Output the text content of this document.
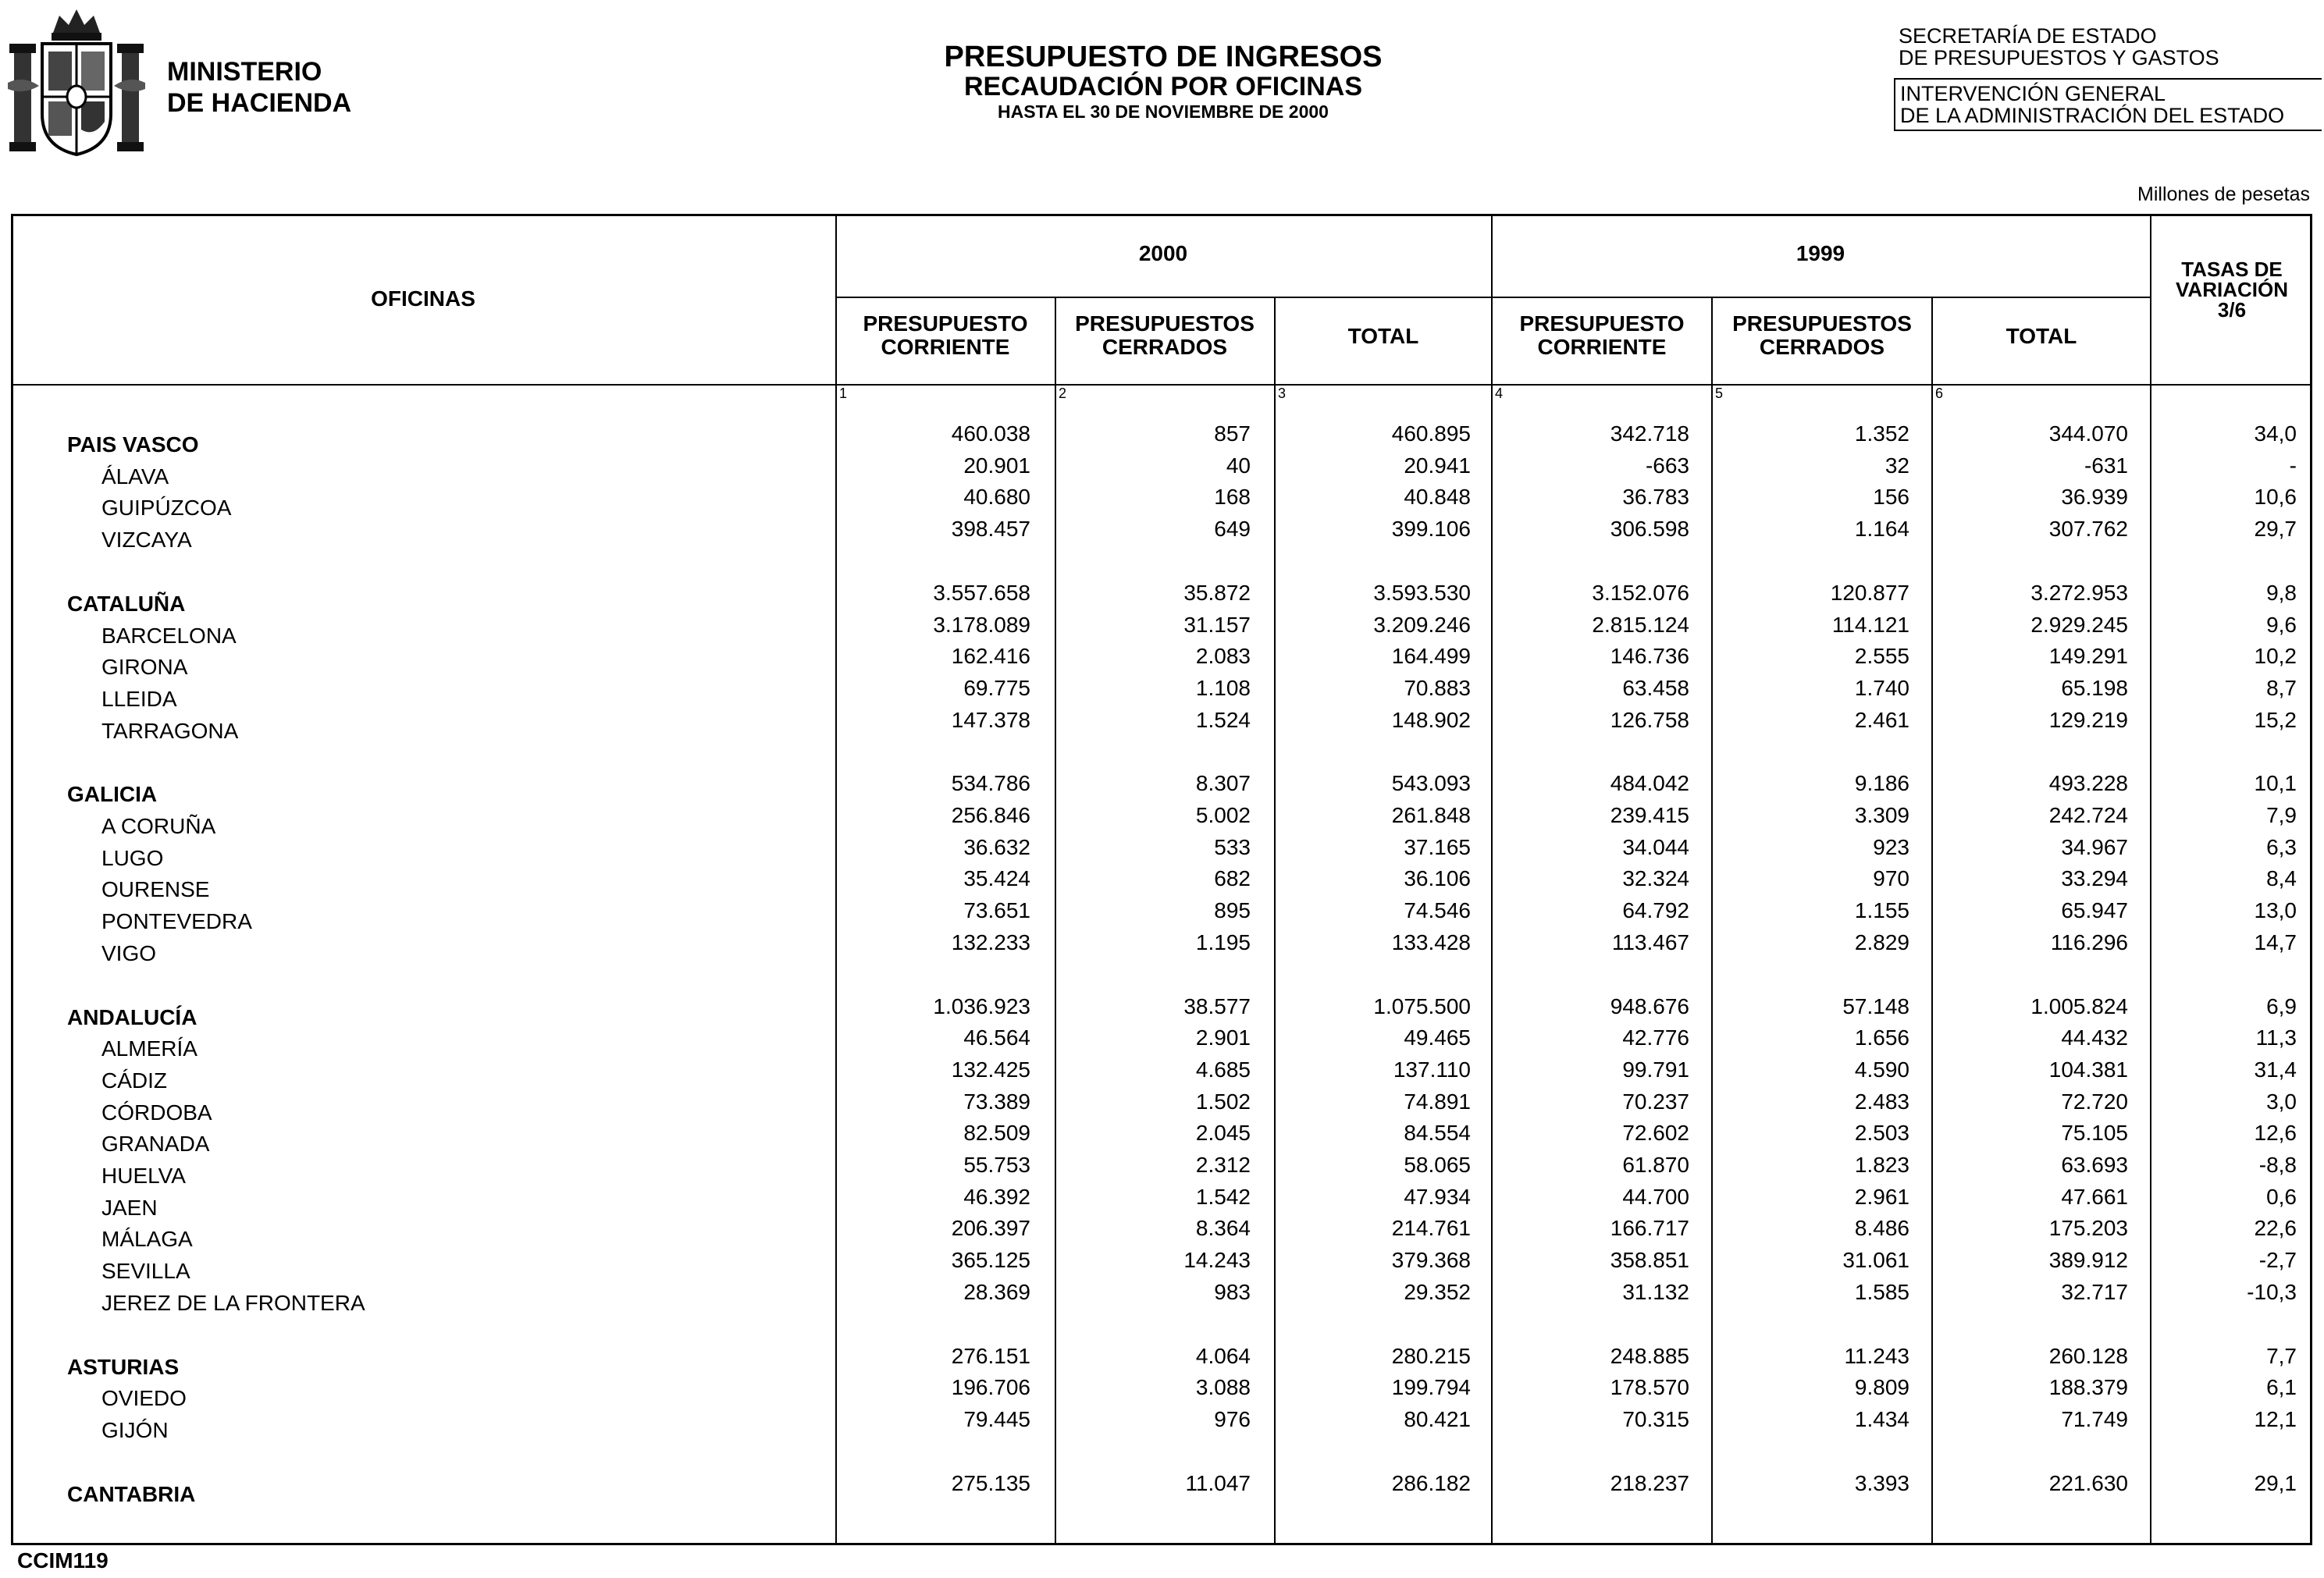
MINISTERIO
DE HACIENDA
PRESUPUESTO DE INGRESOS
RECAUDACIÓN POR OFICINAS
HASTA EL 30 DE NOVIEMBRE DE 2000
SECRETARÍA DE ESTADO
DE PRESUPUESTOS Y GASTOS
INTERVENCIÓN GENERAL
DE LA ADMINISTRACIÓN DEL ESTADO
Millones de pesetas
OFICINAS
2000	1999
PRESUPUESTO
CORRIENTE
PRESUPUESTOS
CERRADOS	TOTAL
PRESUPUESTO
CORRIENTE
PRESUPUESTOS
CERRADOS	TOTAL
TASAS DE
VARIACIÓN
3/6
1	2	3	4	5	6
PAIS VASCO	460.038	857	460.895	342.718	1.352	344.070	34,0
ÁLAVA	20.901	40	20.941	-663	32	-631	-
GUIPÚZCOA	40.680	168	40.848	36.783	156	36.939	10,6
VIZCAYA	398.457	649	399.106	306.598	1.164	307.762	29,7
CATALUÑA	3.557.658	35.872	3.593.530	3.152.076	120.877	3.272.953	9,8
BARCELONA	3.178.089	31.157	3.209.246	2.815.124	114.121	2.929.245	9,6
GIRONA	162.416	2.083	164.499	146.736	2.555	149.291	10,2
LLEIDA	69.775	1.108	70.883	63.458	1.740	65.198	8,7
TARRAGONA	147.378	1.524	148.902	126.758	2.461	129.219	15,2
GALICIA	534.786	8.307	543.093	484.042	9.186	493.228	10,1
A CORUÑA	256.846	5.002	261.848	239.415	3.309	242.724	7,9
LUGO	36.632	533	37.165	34.044	923	34.967	6,3
OURENSE	35.424	682	36.106	32.324	970	33.294	8,4
PONTEVEDRA	73.651	895	74.546	64.792	1.155	65.947	13,0
VIGO	132.233	1.195	133.428	113.467	2.829	116.296	14,7
ANDALUCÍA	1.036.923	38.577	1.075.500	948.676	57.148	1.005.824	6,9
ALMERÍA	46.564	2.901	49.465	42.776	1.656	44.432	11,3
CÁDIZ	132.425	4.685	137.110	99.791	4.590	104.381	31,4
CÓRDOBA	73.389	1.502	74.891	70.237	2.483	72.720	3,0
GRANADA	82.509	2.045	84.554	72.602	2.503	75.105	12,6
HUELVA	55.753	2.312	58.065	61.870	1.823	63.693	-8,8
JAEN	46.392	1.542	47.934	44.700	2.961	47.661	0,6
MÁLAGA	206.397	8.364	214.761	166.717	8.486	175.203	22,6
SEVILLA	365.125	14.243	379.368	358.851	31.061	389.912	-2,7
JEREZ DE LA FRONTERA	28.369	983	29.352	31.132	1.585	32.717	-10,3
ASTURIAS	276.151	4.064	280.215	248.885	11.243	260.128	7,7
OVIEDO	196.706	3.088	199.794	178.570	9.809	188.379	6,1
GIJÓN	79.445	976	80.421	70.315	1.434	71.749	12,1
CANTABRIA	275.135	11.047	286.182	218.237	3.393	221.630	29,1
CCIM119
